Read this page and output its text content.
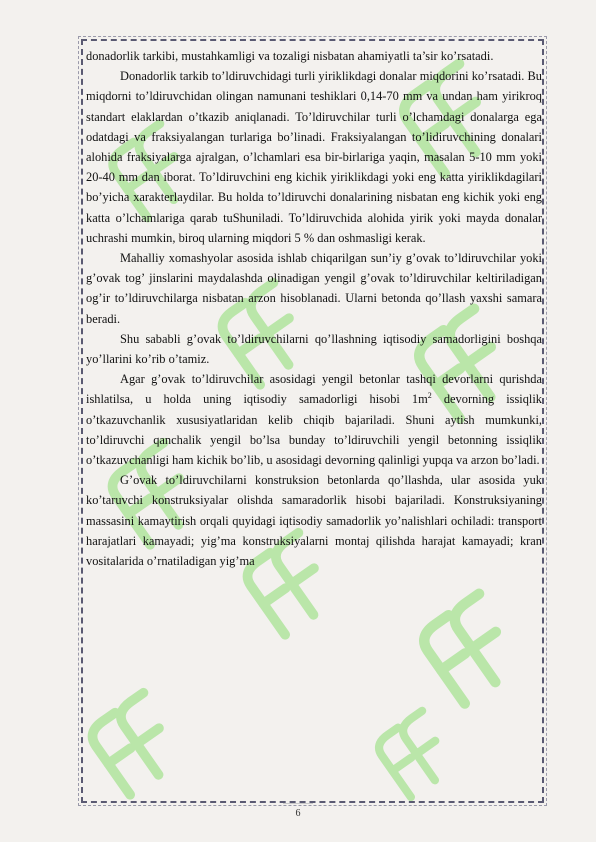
donadorlik tarkibi, mustahkamligi va tozaligi nisbatan ahamiyatli ta’sir ko’rsatadi.

Donadorlik tarkib to’ldiruvchidagi turli yiriklikdagi donalar miqdorini ko’rsatadi. Bu miqdorni to’ldiruvchidan olingan namunani teshiklari 0,14-70 mm va undan ham yirikroq standart elaklardan o’tkazib aniqlanadi. To’ldiruvchilar turli o’lchamdagi donalarga ega odatdagi va fraksiyalangan turlariga bo’linadi. Fraksiyalangan to’lidiruvchining donalari alohida fraksiyalarga ajralgan, o’lchamlari esa bir-birlariga yaqin, masalan 5-10 mm yoki 20-40 mm dan iborat. To’ldiruvchini eng kichik yiriklikdagi yoki eng katta yiriklikdagilari bo’yicha xarakterlaydilar. Bu holda to’ldiruvchi donalarining nisbatan eng kichik yoki eng katta o’lchamlariga qarab tuShuniladi. To’ldiruvchida alohida yirik yoki mayda donalar uchrashi mumkin, biroq ularning miqdori 5 % dan oshmasligi kerak.

Mahalliy xomashyolar asosida ishlab chiqarilgan sun’iy g’ovak to’ldiruvchilar yoki g’ovak tog’ jinslarini maydalashda olinadigan yengil g’ovak to’ldiruvchilar keltiriladigan og’ir to’ldiruvchilarga nisbatan arzon hisoblanadi. Ularni betonda qo’llash yaxshi samara beradi.

Shu sababli g’ovak to’ldiruvchilarni qo’llashning iqtisodiy samadorligini boshqa yo’llarini ko’rib o’tamiz.

Agar g’ovak to’ldiruvchilar asosidagi yengil betonlar tashqi devorlarni qurishda ishlatilsa, u holda uning iqtisodiy samadorligi hisobi $1m^2$ devorning issiqlik o’tkazuvchanlik xususiyatlaridan kelib chiqib bajariladi. Shuni aytish mumkunki, to’ldiruvchi qanchalik yengil bo’lsa bunday to’ldiruvchili yengil betonning issiqlik o’tkazuvchanligi ham kichik bo’lib, u asosidagi devorning qalinligi yupqa va arzon bo’ladi.

G’ovak to’ldiruvchilarni konstruksion betonlarda qo’llashda, ular asosida yuk ko’taruvchi konstruksiyalar olishda samaradorlik hisobi bajariladi. Konstruksiyaning massasini kamaytirish orqali quyidagi iqtisodiy samadorlik yo’nalishlari ochiladi: transport harajatlari kamayadi; yig’ma konstruksiyalarni montaj qilishda harajat kamayadi; kran vositalarida o’rnatiladigan yig’ma

6
